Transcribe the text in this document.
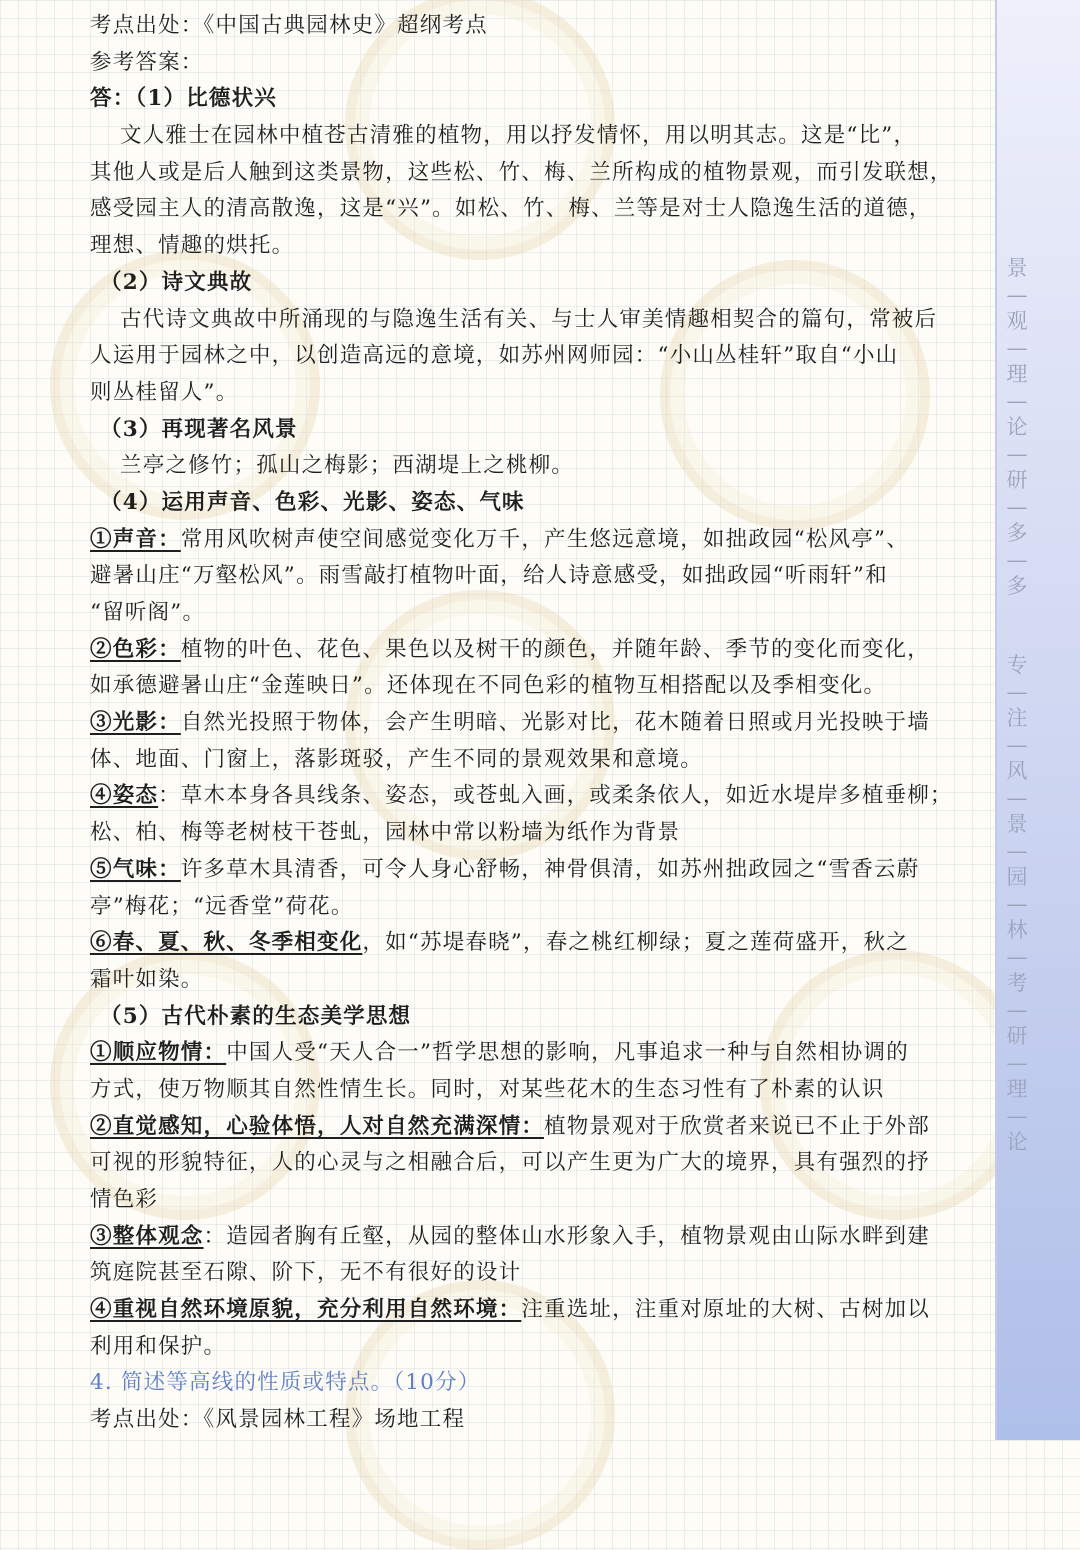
考点出处：《中国古典园林史》超纲考点
参考答案：
答：（1）比德状兴
文人雅士在园林中植苍古清雅的植物，用以抒发情怀，用以明其志。这是“比”，
其他人或是后人触到这类景物，这些松、竹、梅、兰所构成的植物景观，而引发联想，
感受园主人的清高散逸，这是“兴”。如松、竹、梅、兰等是对士人隐逸生活的道德，
理想、情趣的烘托。
（2）诗文典故
古代诗文典故中所涌现的与隐逸生活有关、与士人审美情趣相契合的篇句，常被后
人运用于园林之中，以创造高远的意境，如苏州网师园：“小山丛桂轩”取自“小山
则丛桂留人”。
（3）再现著名风景
兰亭之修竹；孤山之梅影；西湖堤上之桃柳。
（4）运用声音、色彩、光影、姿态、气味
①声音：常用风吹树声使空间感觉变化万千，产生悠远意境，如拙政园“松风亭”、
避暑山庄“万壑松风”。雨雪敲打植物叶面，给人诗意感受，如拙政园“听雨轩”和
“留听阁”。
②色彩：植物的叶色、花色、果色以及树干的颜色，并随年龄、季节的变化而变化，
如承德避暑山庄“金莲映日”。还体现在不同色彩的植物互相搭配以及季相变化。
③光影：自然光投照于物体，会产生明暗、光影对比，花木随着日照或月光投映于墙
体、地面、门窗上，落影斑驳，产生不同的景观效果和意境。
④姿态：草木本身各具线条、姿态，或苍虬入画，或柔条依人，如近水堤岸多植垂柳；
松、柏、梅等老树枝干苍虬，园林中常以粉墙为纸作为背景
⑤气味：许多草木具清香，可令人身心舒畅，神骨俱清，如苏州拙政园之“雪香云蔚
亭”梅花；“远香堂”荷花。
⑥春、夏、秋、冬季相变化，如“苏堤春晓”，春之桃红柳绿；夏之莲荷盛开，秋之
霜叶如染。
（5）古代朴素的生态美学思想
①顺应物情：中国人受“天人合一”哲学思想的影响，凡事追求一种与自然相协调的
方式，使万物顺其自然性情生长。同时，对某些花木的生态习性有了朴素的认识
②直觉感知，心验体悟，人对自然充满深情：植物景观对于欣赏者来说已不止于外部
可视的形貌特征，人的心灵与之相融合后，可以产生更为广大的境界，具有强烈的抒
情色彩
③整体观念：造园者胸有丘壑，从园的整体山水形象入手，植物景观由山际水畔到建
筑庭院甚至石隙、阶下，无不有很好的设计
④重视自然环境原貌，充分利用自然环境：注重选址，注重对原址的大树、古树加以
利用和保护。
4. 简述等高线的性质或特点。（10分）
考点出处：《风景园林工程》场地工程
景
—
观
—
理
—
论
—
研
—
多
—
多
专
—
注
—
风
—
景
—
园
—
林
—
考
—
研
—
理
—
论
